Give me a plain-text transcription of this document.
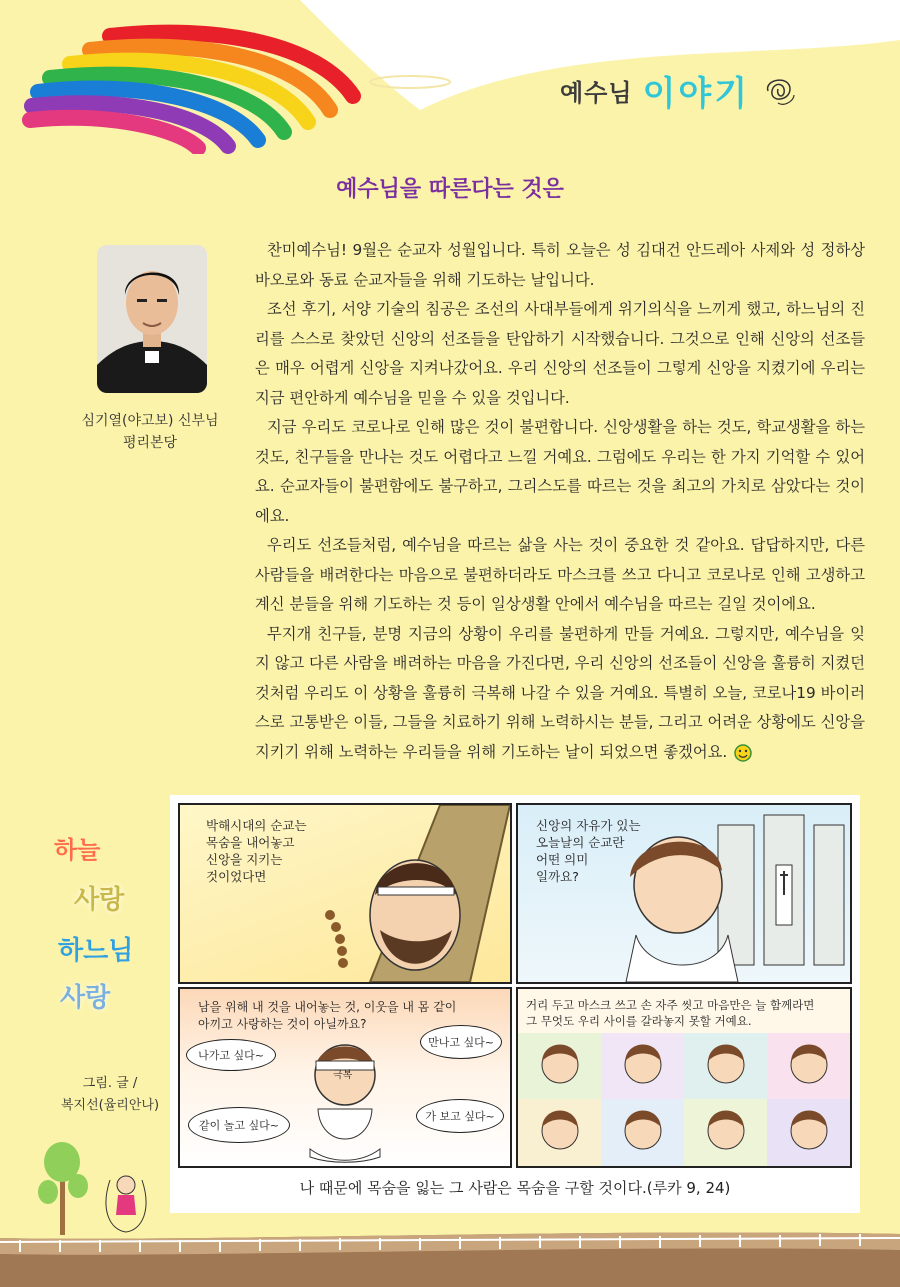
예수님 이야기
예수님을 따른다는 것은
심기열(야고보) 신부님
평리본당

찬미예수님! 9월은 순교자 성월입니다. 특히 오늘은 성 김대건 안드레아 사제와 성 정하상 바오로와 동료 순교자들을 위해 기도하는 날입니다.

조선 후기, 서양 기술의 침공은 조선의 사대부들에게 위기의식을 느끼게 했고, 하느님의 진리를 스스로 찾았던 신앙의 선조들을 탄압하기 시작했습니다. 그것으로 인해 신앙의 선조들은 매우 어렵게 신앙을 지켜나갔어요. 우리 신앙의 선조들이 그렇게 신앙을 지켰기에 우리는 지금 편안하게 예수님을 믿을 수 있을 것입니다.

지금 우리도 코로나로 인해 많은 것이 불편합니다. 신앙생활을 하는 것도, 학교생활을 하는 것도, 친구들을 만나는 것도 어렵다고 느낄 거예요. 그럼에도 우리는 한 가지 기억할 수 있어요. 순교자들이 불편함에도 불구하고, 그리스도를 따르는 것을 최고의 가치로 삼았다는 것이에요.

우리도 선조들처럼, 예수님을 따르는 삶을 사는 것이 중요한 것 같아요. 답답하지만, 다른 사람들을 배려한다는 마음으로 불편하더라도 마스크를 쓰고 다니고 코로나로 인해 고생하고 계신 분들을 위해 기도하는 것 등이 일상생활 안에서 예수님을 따르는 길일 것이에요.

무지개 친구들, 분명 지금의 상황이 우리를 불편하게 만들 거예요. 그렇지만, 예수님을 잊지 않고 다른 사람을 배려하는 마음을 가진다면, 우리 신앙의 선조들이 신앙을 훌륭히 지켰던 것처럼 우리도 이 상황을 훌륭히 극복해 나갈 수 있을 거예요. 특별히 오늘, 코로나19 바이러스로 고통받은 이들, 그들을 치료하기 위해 노력하시는 분들, 그리고 어려운 상황에도 신앙을 지키기 위해 노력하는 우리들을 위해 기도하는 날이 되었으면 좋겠어요.

하늘
사랑
하느님
사랑
그림. 글 /
복지선(율리안나)
박해시대의 순교는
목숨을 내어놓고
신앙을 지키는
것이었다면
신앙의 자유가 있는
오늘날의 순교란
어떤 의미
일까요?
남을 위해 내 것을 내어놓는 것, 이웃을 내 몸 같이
아끼고 사랑하는 것이 아닐까요?
극복
나가고 싶다~
만나고 싶다~
같이 놀고 싶다~
가 보고 싶다~
거리 두고 마스크 쓰고 손 자주 씻고 마음만은 늘 함께라면
그 무엇도 우리 사이를 갈라놓지 못할 거예요.
나 때문에 목숨을 잃는 그 사람은 목숨을 구할 것이다.(루카 9, 24)
